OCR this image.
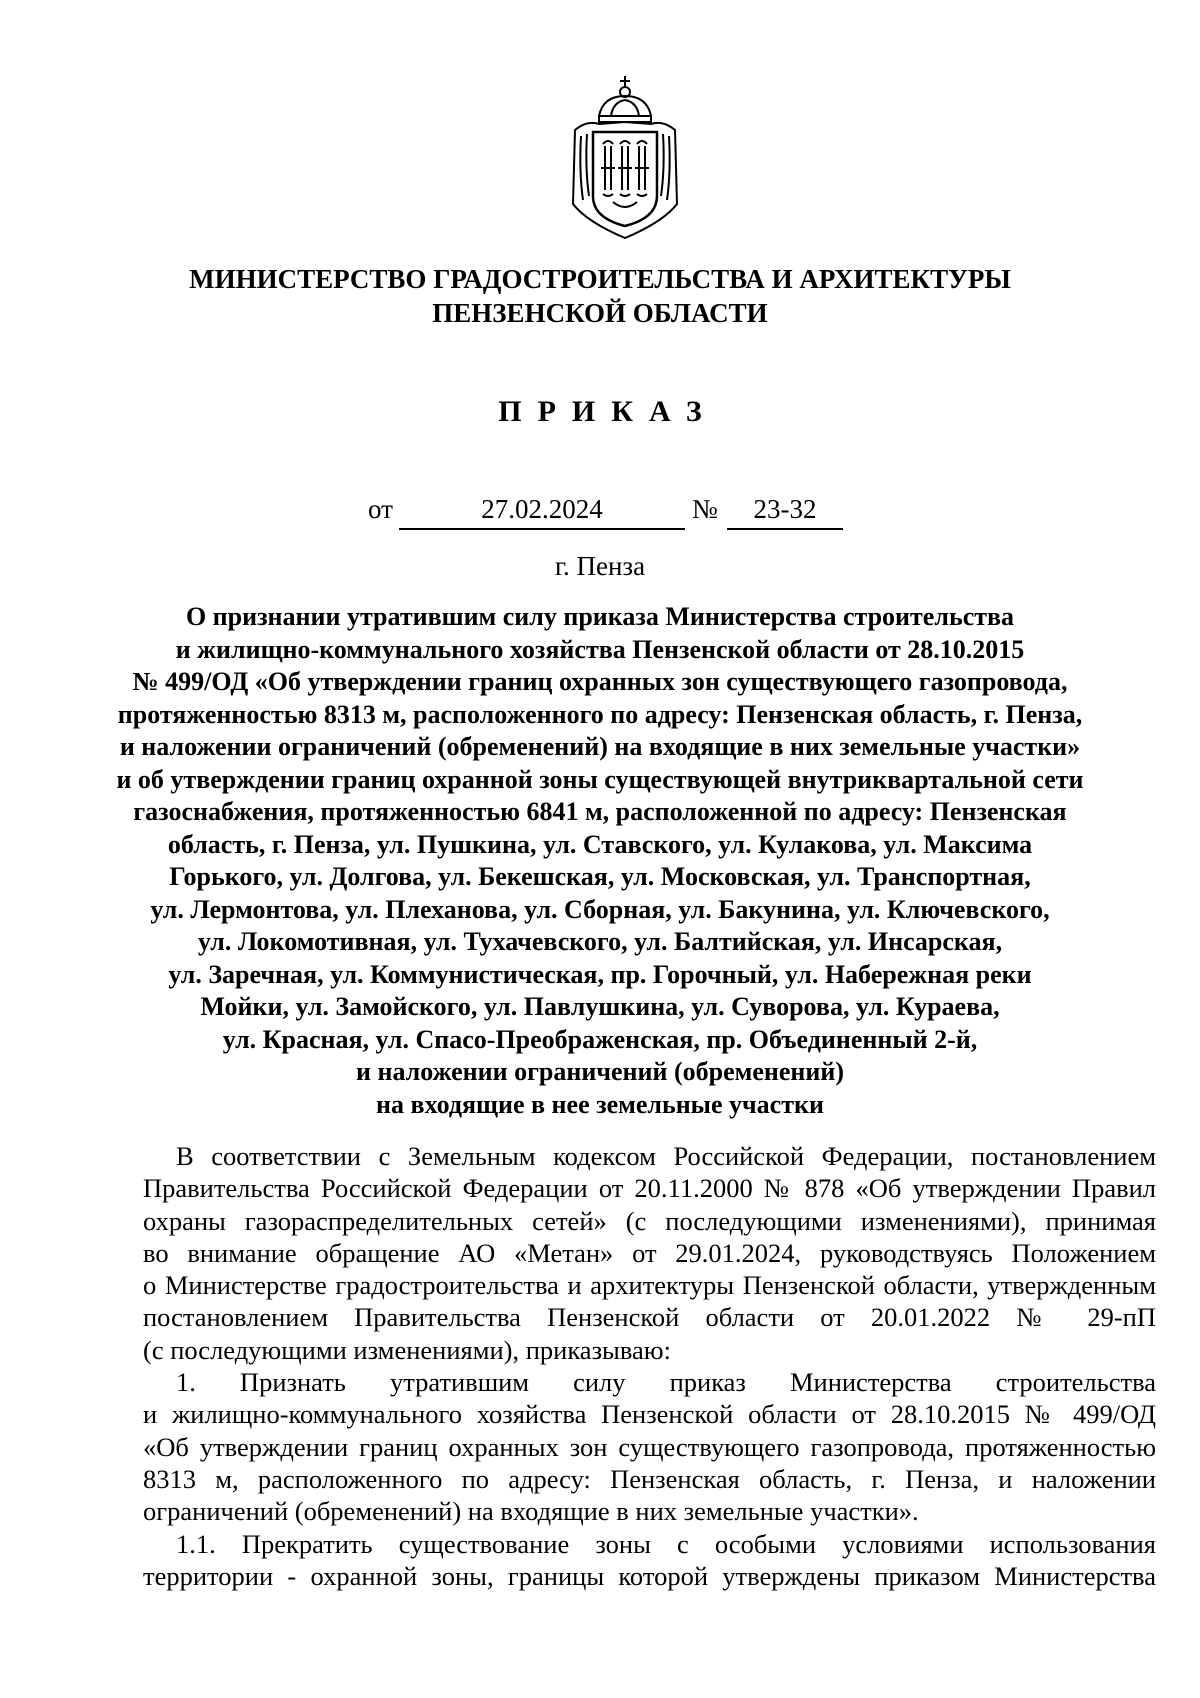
МИНИСТЕРСТВО ГРАДОСТРОИТЕЛЬСТВА И АРХИТЕКТУРЫ
ПЕНЗЕНСКОЙ ОБЛАСТИ
ПРИКАЗ
от	27.02.2024	№	23-32
г. Пенза
О признании утратившим силу приказа Министерства строительства
и жилищно-коммунального хозяйства Пензенской области от 28.10.2015
№ 499/ОД «Об утверждении границ охранных зон существующего газопровода,
протяженностью 8313 м, расположенного по адресу: Пензенская область, г. Пенза,
и наложении ограничений (обременений) на входящие в них земельные участки»
и об утверждении границ охранной зоны существующей внутриквартальной сети
газоснабжения, протяженностью 6841 м, расположенной по адресу: Пензенская
область, г. Пенза, ул. Пушкина, ул. Ставского, ул. Кулакова, ул. Максима
Горького, ул. Долгова, ул. Бекешская, ул. Московская, ул. Транспортная,
ул. Лермонтова, ул. Плеханова, ул. Сборная, ул. Бакунина, ул. Ключевского,
ул. Локомотивная, ул. Тухачевского, ул. Балтийская, ул. Инсарская,
ул. Заречная, ул. Коммунистическая, пр. Горочный, ул. Набережная реки
Мойки, ул. Замойского, ул. Павлушкина, ул. Суворова, ул. Кураева,
ул. Красная, ул. Спасо-Преображенская, пр. Объединенный 2-й,
и наложении ограничений (обременений)
на входящие в нее земельные участки
В соответствии с Земельным кодексом Российской Федерации, постановлением
Правительства Российской Федерации от 20.11.2000 № 878 «Об утверждении Правил
охраны газораспределительных сетей» (с последующими изменениями), принимая
во внимание обращение АО «Метан» от 29.01.2024, руководствуясь Положением
о Министерстве градостроительства и архитектуры Пензенской области, утвержденным
постановлением Правительства Пензенской области от 20.01.2022 № 29-пП
(с последующими изменениями), приказываю:
1. Признать утратившим силу приказ Министерства строительства
и жилищно-коммунального хозяйства Пензенской области от 28.10.2015 № 499/ОД
«Об утверждении границ охранных зон существующего газопровода, протяженностью
8313 м, расположенного по адресу: Пензенская область, г. Пенза, и наложении
ограничений (обременений) на входящие в них земельные участки».
1.1. Прекратить существование зоны с особыми условиями использования
территории - охранной зоны, границы которой утверждены приказом Министерства
